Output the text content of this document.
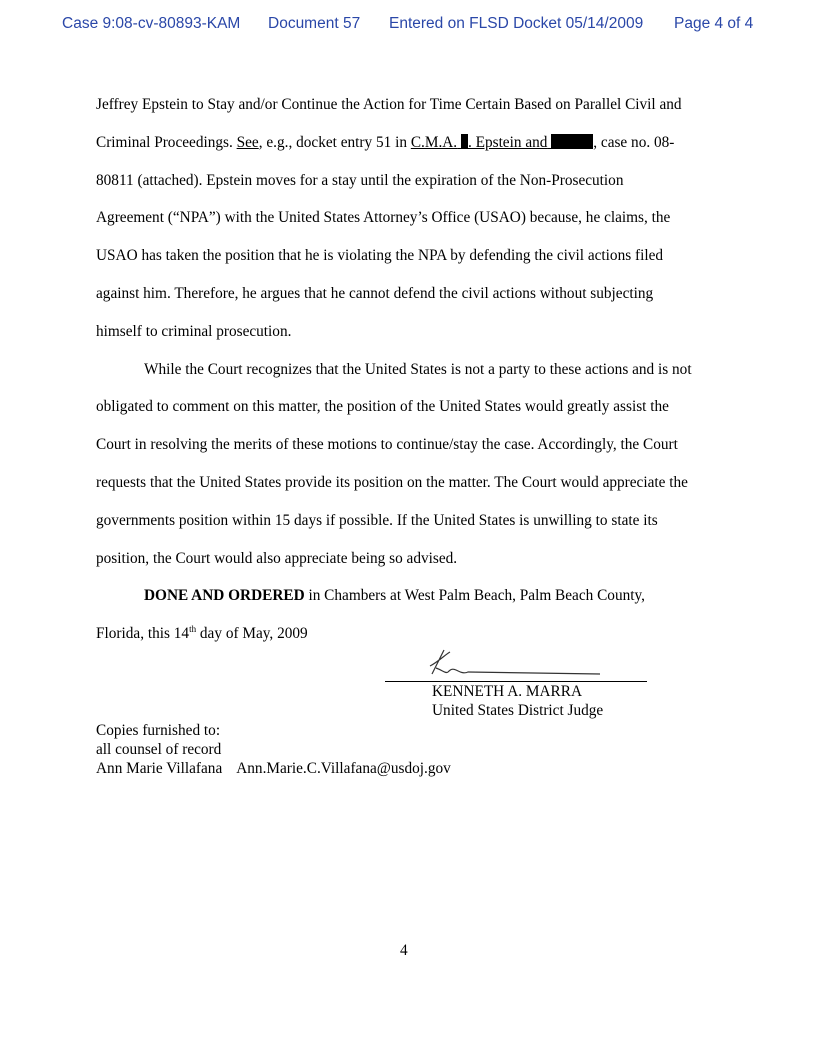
Case 9:08-cv-80893-KAM Document 57 Entered on FLSD Docket 05/14/2009 Page 4 of 4
Jeffrey Epstein to Stay and/or Continue the Action for Time Certain Based on Parallel Civil and
Criminal Proceedings. See, e.g., docket entry 51 in C.M.A. . Epstein and	, case no. 08-
80811 (attached). Epstein moves for a stay until the expiration of the Non-Prosecution
Agreement (“NPA”) with the United States Attorney’s Office (USAO) because, he claims, the
USAO has taken the position that he is violating the NPA by defending the civil actions filed
against him. Therefore, he argues that he cannot defend the civil actions without subjecting
himself to criminal prosecution.
While the Court recognizes that the United States is not a party to these actions and is not
obligated to comment on this matter, the position of the United States would greatly assist the
Court in resolving the merits of these motions to continue/stay the case. Accordingly, the Court
requests that the United States provide its position on the matter. The Court would appreciate the
governments position within 15 days if possible. If the United States is unwilling to state its
position, the Court would also appreciate being so advised.
DONE AND ORDERED in Chambers at West Palm Beach, Palm Beach County,
Florida, this 14th day of May, 2009
KENNETH A. MARRA
United States District Judge
Copies furnished to:
all counsel of record
Ann Marie Villafana Ann.Marie.C.Villafana@usdoj.gov
4
